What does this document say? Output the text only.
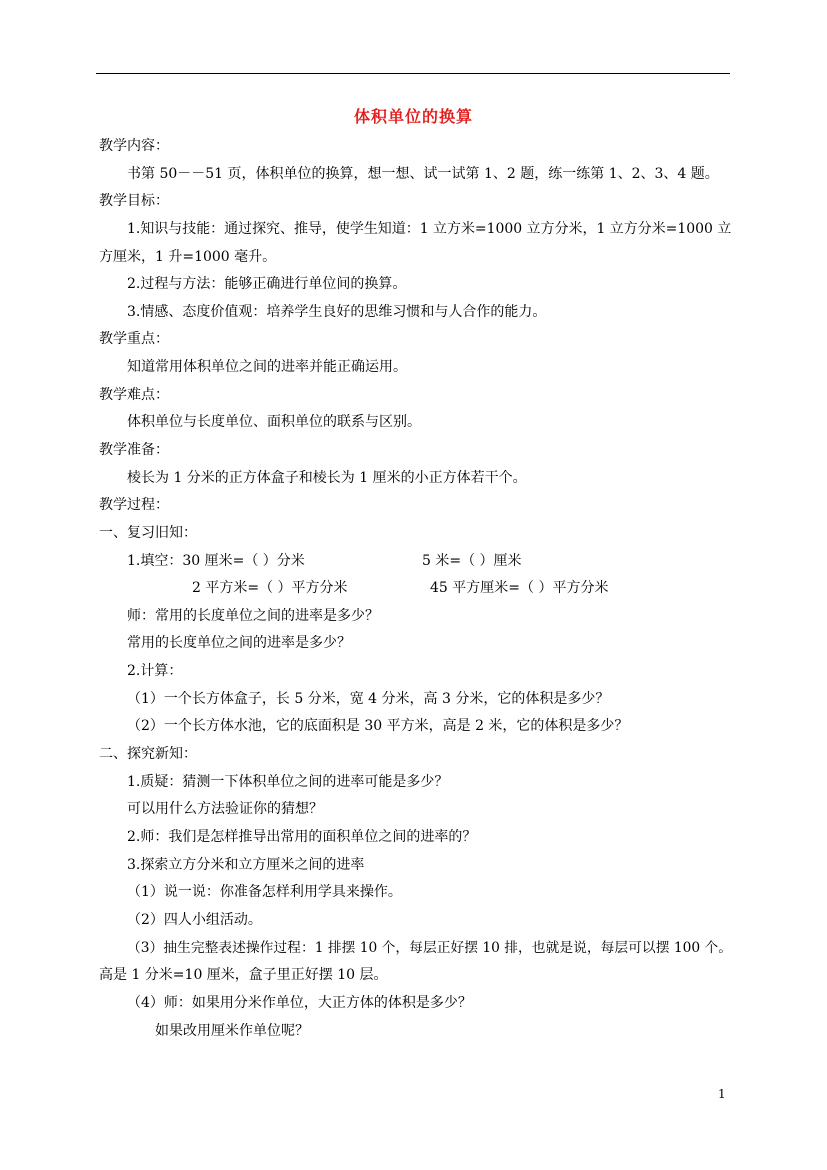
体积单位的换算
教学内容：
书第 50－－51 页，体积单位的换算，想一想、试一试第 1、2 题，练一练第 1、2、3、4 题。
教学目标：
1.知识与技能：通过探究、推导，使学生知道：1 立方米=1000 立方分米，1 立方分米=1000 立
方厘米，1 升=1000 毫升。
2.过程与方法：能够正确进行单位间的换算。
3.情感、态度价值观：培养学生良好的思维习惯和与人合作的能力。
教学重点：
知道常用体积单位之间的进率并能正确运用。
教学难点：
体积单位与长度单位、面积单位的联系与区别。
教学准备：
棱长为 1 分米的正方体盒子和棱长为 1 厘米的小正方体若干个。
教学过程：
一、复习旧知：
1.填空：30 厘米=（ ）分米	5 米=（ ）厘米
2 平方米=（ ）平方分米	45 平方厘米=（ ）平方分米
师：常用的长度单位之间的进率是多少？
常用的长度单位之间的进率是多少？
2.计算：
（1）一个长方体盒子，长 5 分米，宽 4 分米，高 3 分米，它的体积是多少？
（2）一个长方体水池，它的底面积是 30 平方米，高是 2 米，它的体积是多少？
二、探究新知：
1.质疑：猜测一下体积单位之间的进率可能是多少？
可以用什么方法验证你的猜想？
2.师：我们是怎样推导出常用的面积单位之间的进率的？
3.探索立方分米和立方厘米之间的进率
（1）说一说：你准备怎样利用学具来操作。
（2）四人小组活动。
（3）抽生完整表述操作过程：1 排摆 10 个，每层正好摆 10 排，也就是说，每层可以摆 100 个。
高是 1 分米=10 厘米，盒子里正好摆 10 层。
（4）师：如果用分米作单位，大正方体的体积是多少？
如果改用厘米作单位呢？
1
